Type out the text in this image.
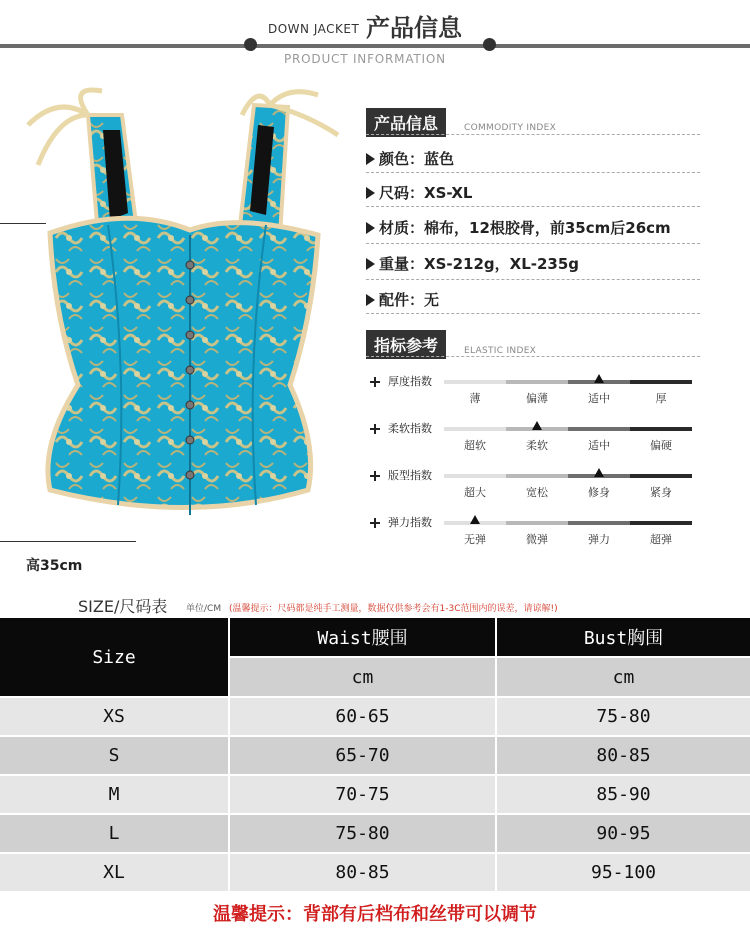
DOWN JACKET 产品信息
PRODUCT INFORMATION
高35cm
产品信息	COMMODITY INDEX
颜色：蓝色
尺码：XS-XL
材质：棉布，12根胶骨，前35cm后26cm
重量：XS-212g，XL-235g
配件：无
指标参考	ELASTIC INDEX
厚度指数
薄	偏薄	适中	厚
柔软指数
超软	柔软	适中	偏硬
版型指数
超大	宽松	修身	紧身
弹力指数
无弹	微弹	弹力	超弹
SIZE/尺码表 单位/CM (温馨提示：尺码都是纯手工测量，数据仅供参考会有1-3C范围内的误差，请谅解!)
Size
Waist腰围	Bust胸围
cm	cm
XS	60-65	75-80
S	65-70	80-85
M	70-75	85-90
L	75-80	90-95
XL	80-85	95-100
温馨提示：背部有后档布和丝带可以调节
